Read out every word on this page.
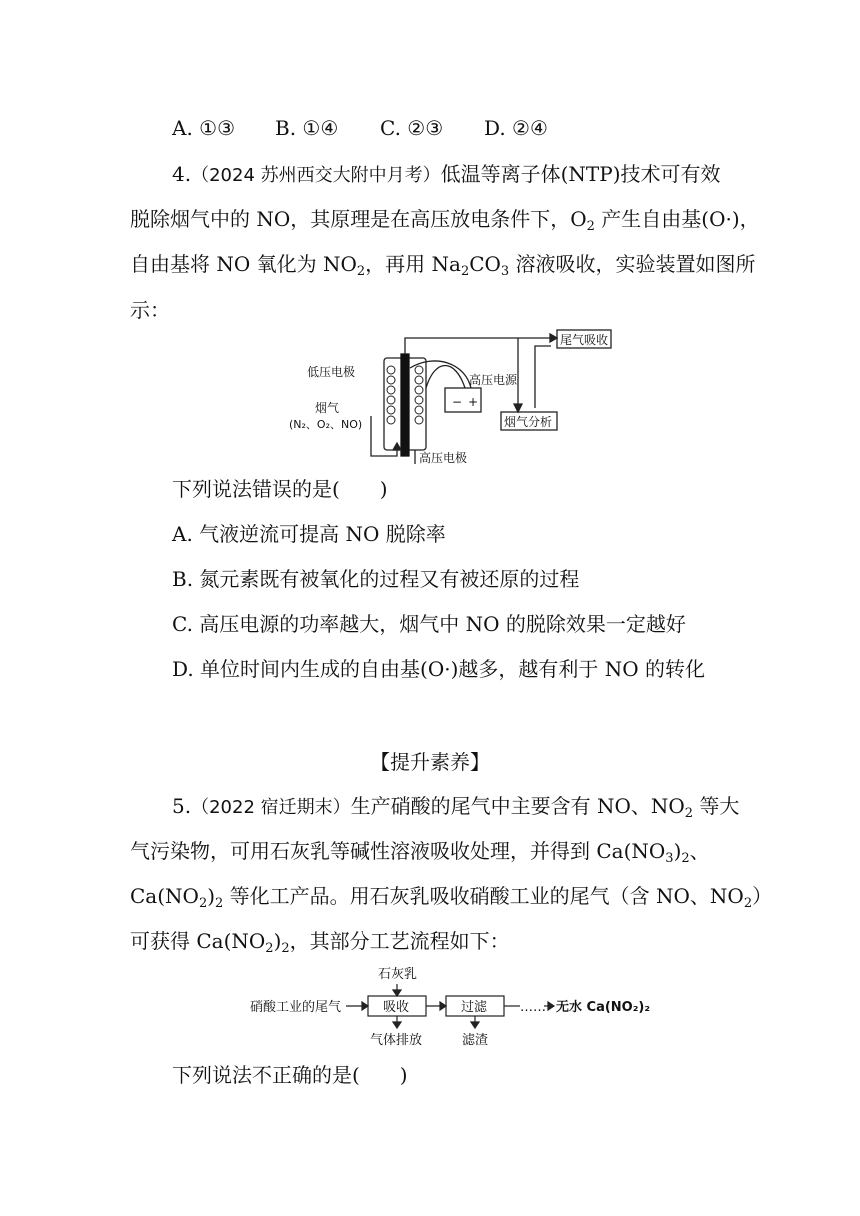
A. ①③ B. ①④ C. ②③ D. ②④
4.（2024 苏州西交大附中月考）低温等离子体(NTP)技术可有效
脱除烟气中的 NO，其原理是在高压放电条件下，$O_2$ 产生自由基(O·)，
自由基将 NO 氧化为 $NO_2$，再用 $Na_2CO_3$ 溶液吸收，实验装置如图所
示：
低压电极
高压电源
− +
烟气
(N₂、O₂、NO)
高压电极
尾气吸收
烟气分析
下列说法错误的是(　　)
A. 气液逆流可提高 NO 脱除率
B. 氮元素既有被氧化的过程又有被还原的过程
C. 高压电源的功率越大，烟气中 NO 的脱除效果一定越好
D. 单位时间内生成的自由基(O·)越多，越有利于 NO 的转化
【提升素养】
5.（2022 宿迁期末）生产硝酸的尾气中主要含有 NO、$NO_2$ 等大
气污染物，可用石灰乳等碱性溶液吸收处理，并得到 $Ca(NO_3)_2$、
$Ca(NO_2)_2$ 等化工产品。用石灰乳吸收硝酸工业的尾气（含 NO、$NO_2$）
可获得 $Ca(NO_2)_2$，其部分工艺流程如下：
石灰乳
硝酸工业的尾气	吸收	过滤	…… 无水 Ca(NO₂)₂
气体排放	滤渣
下列说法不正确的是(　　)
